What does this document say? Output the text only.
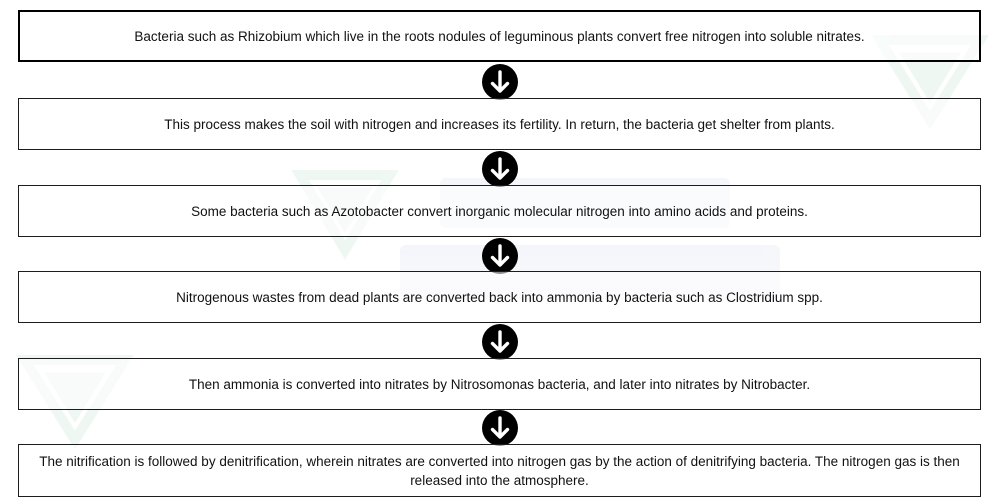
Bacteria such as Rhizobium which live in the roots nodules of leguminous plants convert free nitrogen into soluble nitrates.
This process makes the soil with nitrogen and increases its fertility. In return, the bacteria get shelter from plants.
Some bacteria such as Azotobacter convert inorganic molecular nitrogen into amino acids and proteins.
Nitrogenous wastes from dead plants are converted back into ammonia by bacteria such as Clostridium spp.
Then ammonia is converted into nitrates by Nitrosomonas bacteria, and later into nitrates by Nitrobacter.
The nitrification is followed by denitrification, wherein nitrates are converted into nitrogen gas by the action of denitrifying bacteria. The nitrogen gas is then released into the atmosphere.
